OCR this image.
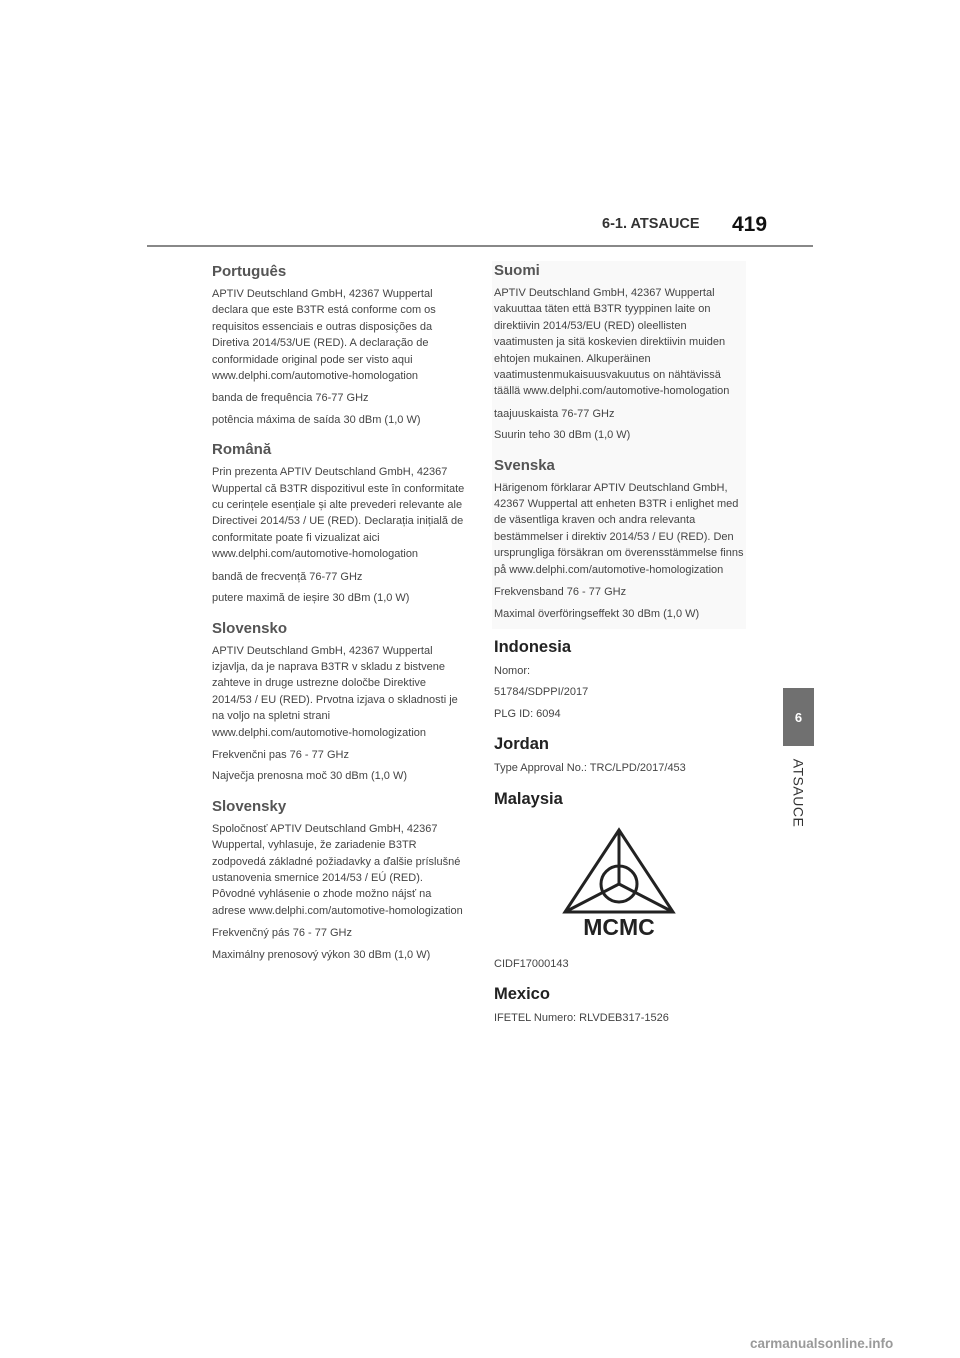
6-1. ATSAUCE 419
Português

APTIV Deutschland GmbH, 42367 Wuppertal declara que este B3TR está conforme com os requisitos essenciais e outras disposições da Diretiva 2014/53/UE (RED). A declaração de conformidade original pode ser visto aqui www.delphi.com/automotive-homologation

banda de frequência 76-77 GHz

potência máxima de saída 30 dBm (1,0 W)

Română

Prin prezenta APTIV Deutschland GmbH, 42367 Wuppertal că B3TR dispozitivul este în conformitate cu cerințele esențiale și alte prevederi relevante ale Directivei 2014/53 / UE (RED). Declarația inițială de conformitate poate fi vizualizat aici www.delphi.com/automotive-homologation

bandă de frecvență 76-77 GHz

putere maximă de ieșire 30 dBm (1,0 W)

Slovensko

APTIV Deutschland GmbH, 42367 Wuppertal izjavlja, da je naprava B3TR v skladu z bistvene zahteve in druge ustrezne določbe Direktive 2014/53 / EU (RED). Prvotna izjava o skladnosti je na voljo na spletni strani www.delphi.com/automotive-homologization

Frekvenčni pas 76 - 77 GHz

Največja prenosna moč 30 dBm (1,0 W)

Slovensky

Spoločnosť APTIV Deutschland GmbH, 42367 Wuppertal, vyhlasuje, že zariadenie B3TR zodpovedá základné požiadavky a ďalšie príslušné ustanovenia smernice 2014/53 / EÚ (RED). Pôvodné vyhlásenie o zhode možno nájsť na adrese www.delphi.com/automotive-homologization

Frekvenčný pás 76 - 77 GHz

Maximálny prenosový výkon 30 dBm (1,0 W)

Suomi

APTIV Deutschland GmbH, 42367 Wuppertal vakuuttaa täten että B3TR tyyppinen laite on direktiivin 2014/53/EU (RED) oleellisten vaatimusten ja sitä koskevien direktiivin muiden ehtojen mukainen. Alkuperäinen vaatimustenmukaisuusvakuutus on nähtävissä täällä www.delphi.com/automotive-homologation

taajuuskaista 76-77 GHz

Suurin teho 30 dBm (1,0 W)

Svenska

Härigenom förklarar APTIV Deutschland GmbH, 42367 Wuppertal att enheten B3TR i enlighet med de väsentliga kraven och andra relevanta bestämmelser i direktiv 2014/53 / EU (RED). Den ursprungliga försäkran om överensstämmelse finns på www.delphi.com/automotive-homologization

Frekvensband 76 - 77 GHz

Maximal överföringseffekt 30 dBm (1,0 W)

Indonesia

Nomor:

51784/SDPPI/2017

PLG ID: 6094

Jordan

Type Approval No.: TRC/LPD/2017/453

Malaysia
MCMC

CIDF17000143

Mexico

IFETEL Numero: RLVDEB317-1526

6
ATSAUCE
carmanualsonline.info
